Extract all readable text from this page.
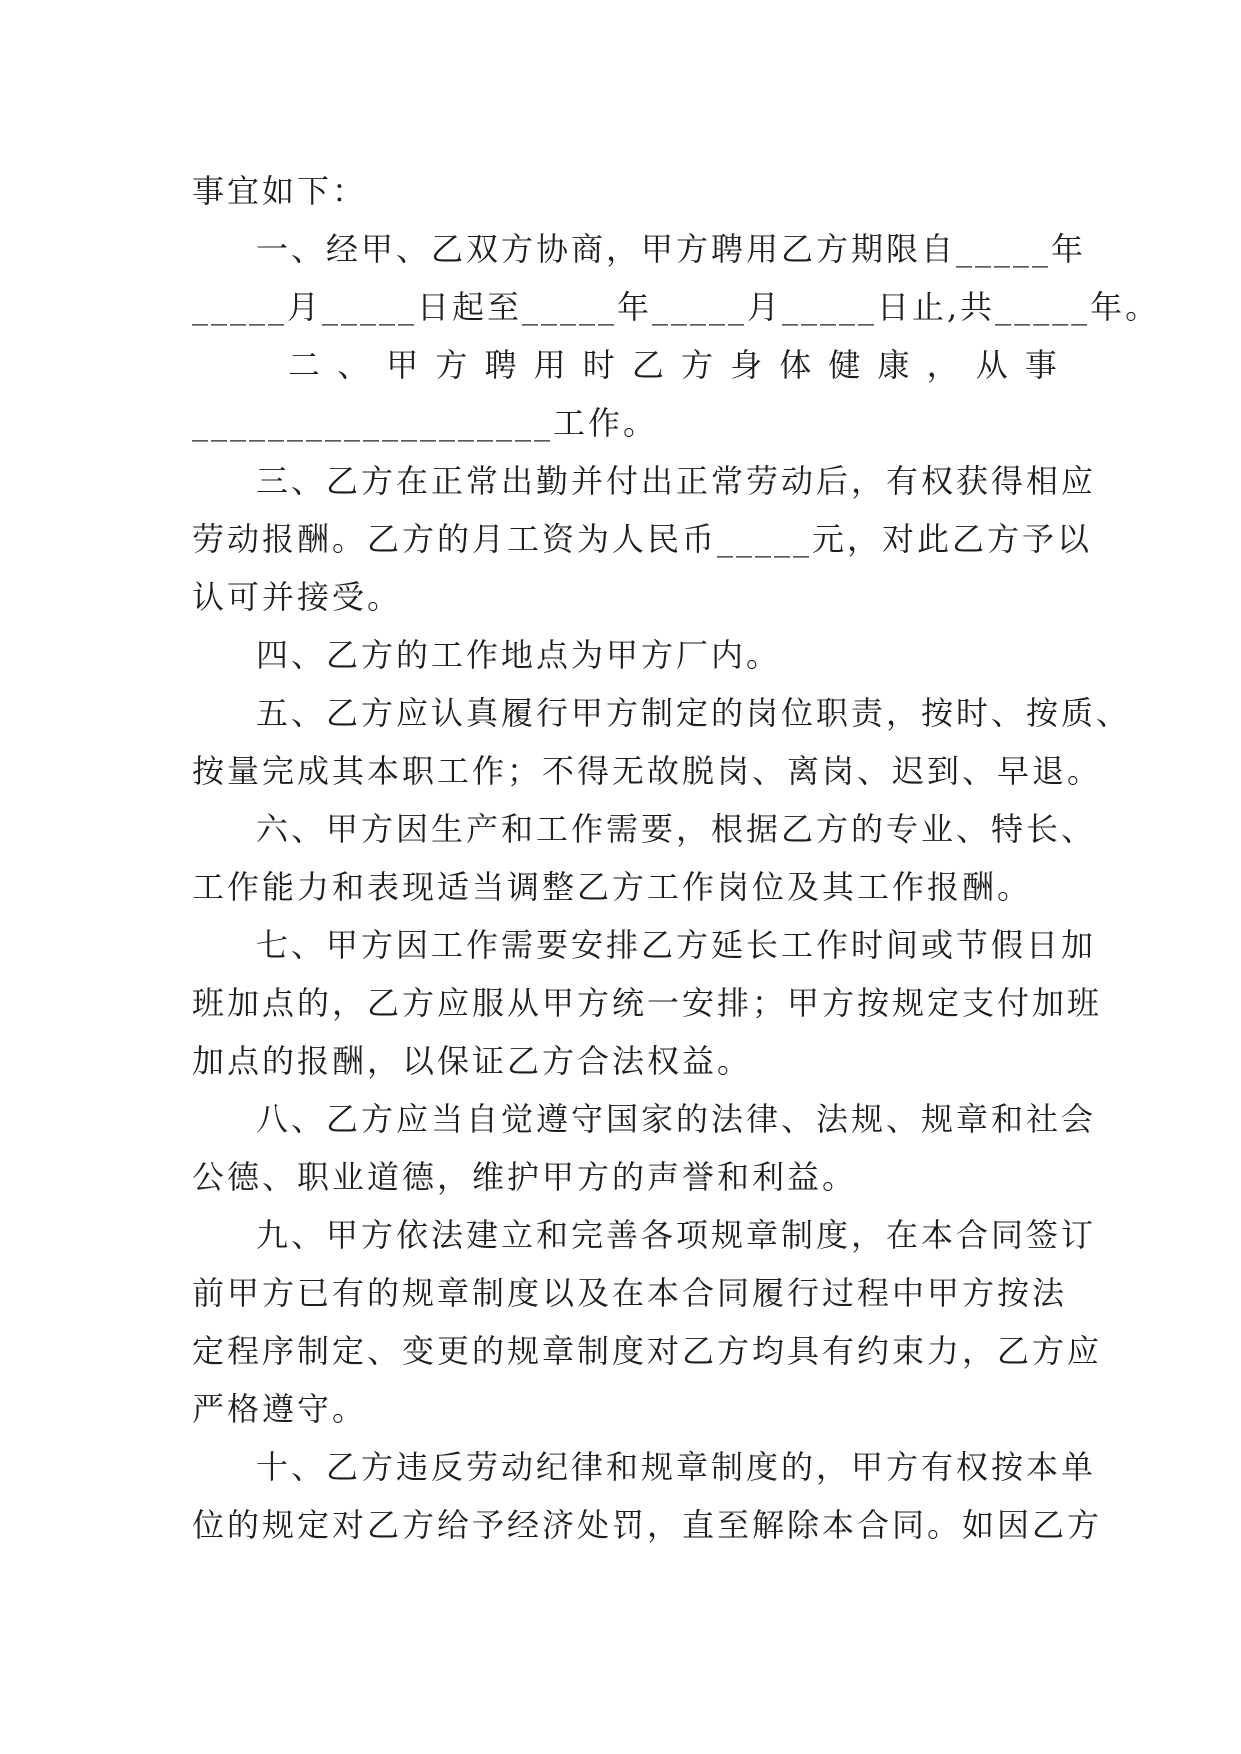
事宜如下：
一、经甲、乙双方协商，甲方聘用乙方期限自_____年
_____月_____日起至_____年_____月_____日止,共_____年。
二 、 甲 方 聘 用 时 乙 方 身 体 健 康 ， 从 事
___________________工作。
三、乙方在正常出勤并付出正常劳动后，有权获得相应
劳动报酬。乙方的月工资为人民币_____元，对此乙方予以
认可并接受。
四、乙方的工作地点为甲方厂内。
五、乙方应认真履行甲方制定的岗位职责，按时、按质、
按量完成其本职工作；不得无故脱岗、离岗、迟到、早退。
六、甲方因生产和工作需要，根据乙方的专业、特长、
工作能力和表现适当调整乙方工作岗位及其工作报酬。
七、甲方因工作需要安排乙方延长工作时间或节假日加
班加点的，乙方应服从甲方统一安排；甲方按规定支付加班
加点的报酬，以保证乙方合法权益。
八、乙方应当自觉遵守国家的法律、法规、规章和社会
公德、职业道德，维护甲方的声誉和利益。
九、甲方依法建立和完善各项规章制度，在本合同签订
前甲方已有的规章制度以及在本合同履行过程中甲方按法
定程序制定、变更的规章制度对乙方均具有约束力，乙方应
严格遵守。
十、乙方违反劳动纪律和规章制度的，甲方有权按本单
位的规定对乙方给予经济处罚，直至解除本合同。如因乙方
